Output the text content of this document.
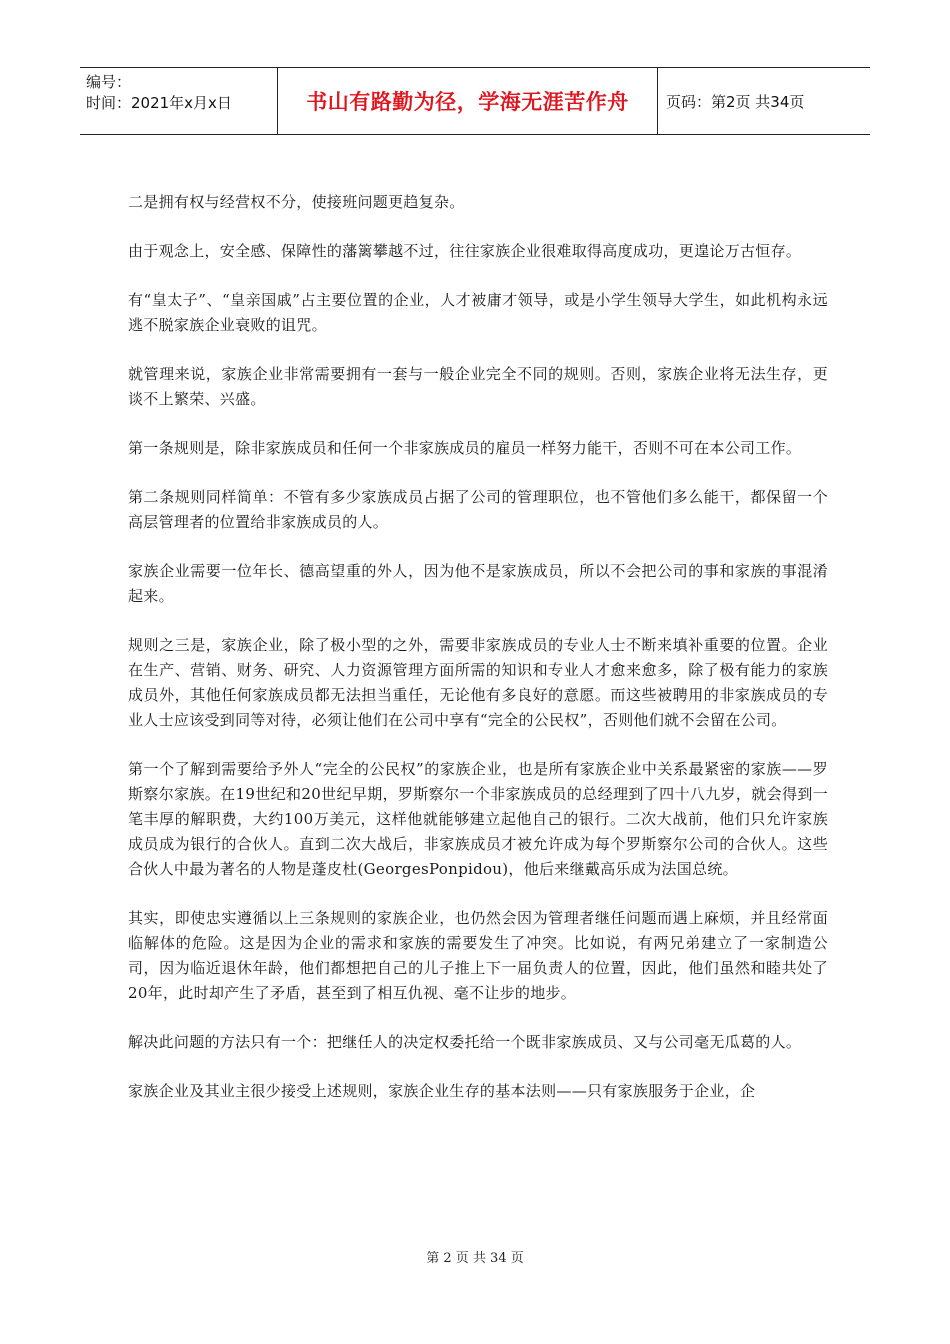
编号：
时间：2021年x月x日	书山有路勤为径，学海无涯苦作舟	页码：第2页 共34页

二是拥有权与经营权不分，使接班问题更趋复杂。

由于观念上，安全感、保障性的藩篱攀越不过，往往家族企业很难取得高度成功，更遑论万古恒存。

有“皇太子”、“皇亲国戚”占主要位置的企业，人才被庸才领导，或是小学生领导大学生，如此机构永远逃不脱家族企业衰败的诅咒。

就管理来说，家族企业非常需要拥有一套与一般企业完全不同的规则。否则，家族企业将无法生存，更谈不上繁荣、兴盛。

第一条规则是，除非家族成员和任何一个非家族成员的雇员一样努力能干，否则不可在本公司工作。

第二条规则同样简单：不管有多少家族成员占据了公司的管理职位，也不管他们多么能干，都保留一个高层管理者的位置给非家族成员的人。

家族企业需要一位年长、德高望重的外人，因为他不是家族成员，所以不会把公司的事和家族的事混淆起来。

规则之三是，家族企业，除了极小型的之外，需要非家族成员的专业人士不断来填补重要的位置。企业在生产、营销、财务、研究、人力资源管理方面所需的知识和专业人才愈来愈多，除了极有能力的家族成员外，其他任何家族成员都无法担当重任，无论他有多良好的意愿。而这些被聘用的非家族成员的专业人士应该受到同等对待，必须让他们在公司中享有“完全的公民权”，否则他们就不会留在公司。

第一个了解到需要给予外人“完全的公民权”的家族企业，也是所有家族企业中关系最紧密的家族——罗斯察尔家族。在19世纪和20世纪早期，罗斯察尔一个非家族成员的总经理到了四十八九岁，就会得到一笔丰厚的解职费，大约100万美元，这样他就能够建立起他自己的银行。二次大战前，他们只允许家族成员成为银行的合伙人。直到二次大战后，非家族成员才被允许成为每个罗斯察尔公司的合伙人。这些合伙人中最为著名的人物是蓬皮杜(GeorgesPonpidou)，他后来继戴高乐成为法国总统。

其实，即使忠实遵循以上三条规则的家族企业，也仍然会因为管理者继任问题而遇上麻烦，并且经常面临解体的危险。这是因为企业的需求和家族的需要发生了冲突。比如说，有两兄弟建立了一家制造公司，因为临近退休年龄，他们都想把自己的儿子推上下一届负责人的位置，因此，他们虽然和睦共处了20年，此时却产生了矛盾，甚至到了相互仇视、毫不让步的地步。

解决此问题的方法只有一个：把继任人的决定权委托给一个既非家族成员、又与公司毫无瓜葛的人。

家族企业及其业主很少接受上述规则，家族企业生存的基本法则——只有家族服务于企业，企

第 2 页 共 34 页
